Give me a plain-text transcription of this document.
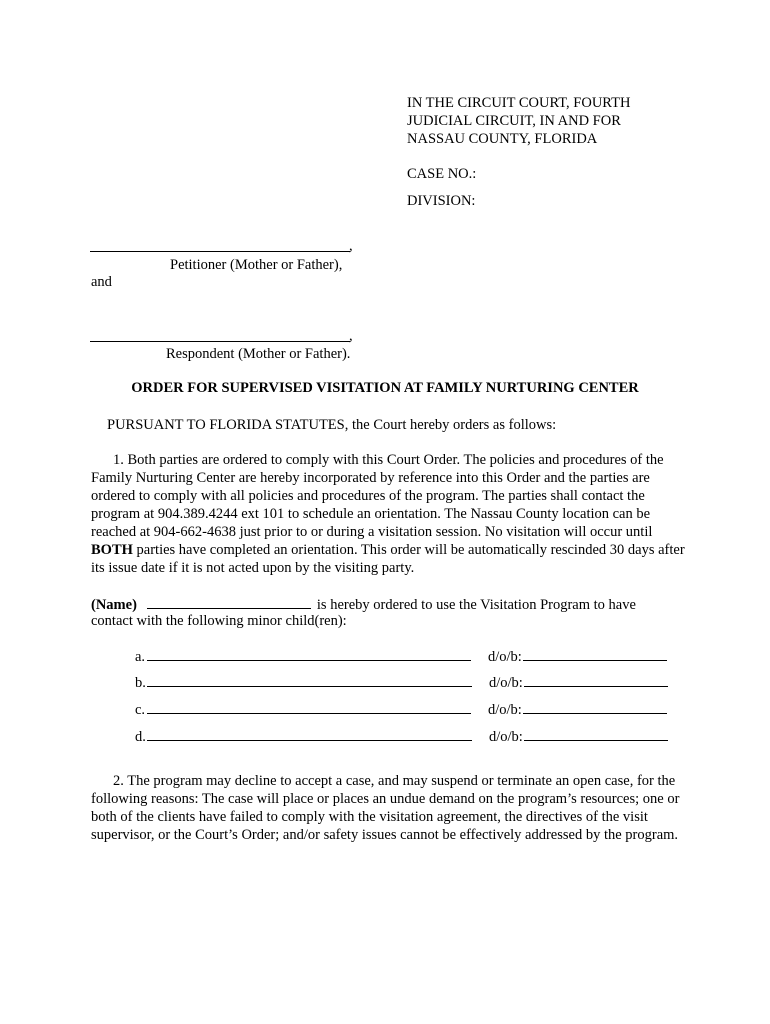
IN THE CIRCUIT COURT, FOURTH
JUDICIAL CIRCUIT, IN AND FOR
NASSAU COUNTY, FLORIDA
CASE NO.:
DIVISION:
,
Petitioner (Mother or Father),
and
,
Respondent (Mother or Father).
ORDER FOR SUPERVISED VISITATION AT FAMILY NURTURING CENTER
PURSUANT TO FLORIDA STATUTES, the Court hereby orders as follows:
1. Both parties are ordered to comply with this Court Order. The policies and procedures of the Family Nurturing Center are hereby incorporated by reference into this Order and the parties are ordered to comply with all policies and procedures of the program. The parties shall contact the program at 904.389.4244 ext 101 to schedule an orientation. The Nassau County location can be reached at 904-662-4638 just prior to or during a visitation session. No visitation will occur until BOTH parties have completed an orientation. This order will be automatically rescinded 30 days after its issue date if it is not acted upon by the visiting party.
(Name)	is hereby ordered to use the Visitation Program to have
contact with the following minor child(ren):
a.	d/o/b:
b.	d/o/b:
c.	d/o/b:
d.	d/o/b:
2. The program may decline to accept a case, and may suspend or terminate an open case, for the following reasons: The case will place or places an undue demand on the program’s resources; one or both of the clients have failed to comply with the visitation agreement, the directives of the visit supervisor, or the Court’s Order; and/or safety issues cannot be effectively addressed by the program.
